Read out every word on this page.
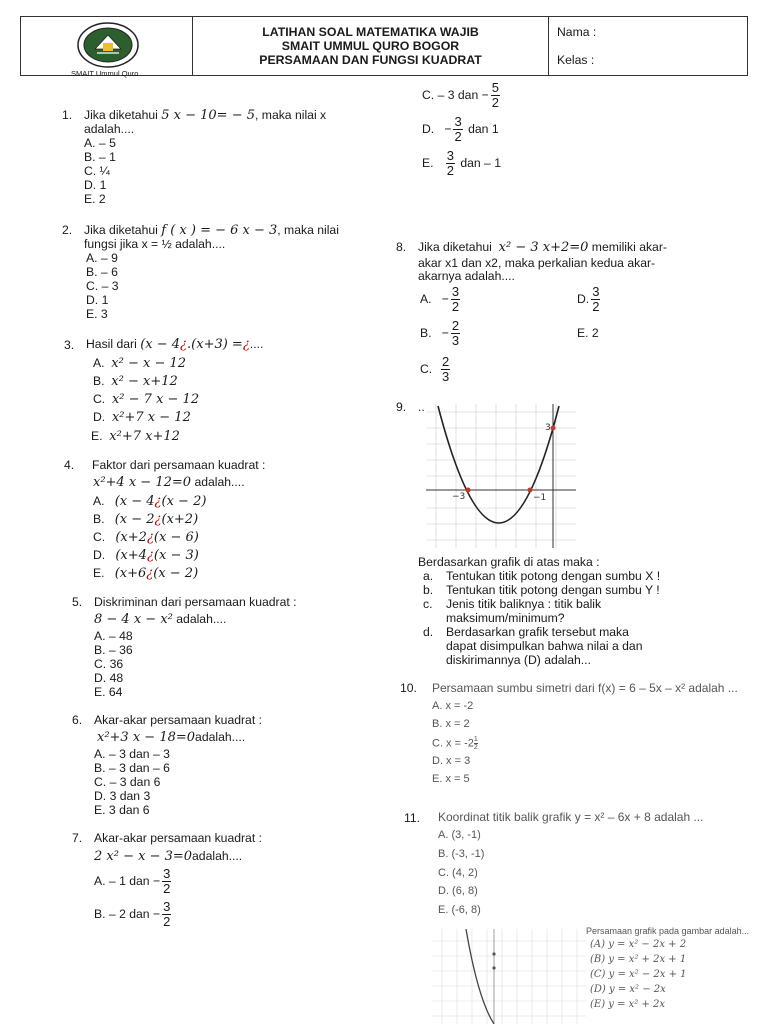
SMAIT Ummul Quro
LATIHAN SOAL MATEMATIKA WAJIB
SMAIT UMMUL QURO BOGOR
PERSAMAAN DAN FUNGSI KUADRAT
Nama :
Kelas :
1. Jika diketahui 5 x − 10= − 5, maka nilai x
adalah....
A. – 5
B. – 1
C. ¼
D. 1
E. 2
2. Jika diketahui f ( x ) = − 6 x − 3, maka nilai
fungsi jika x = ½ adalah....
A. – 9
B. – 6
C. – 3
D. 1
E. 3
3. Hasil dari (x − 4¿.(x+3) =¿....
A. x² − x − 12
B. x² − x+12
C. x² − 7 x − 12
D. x²+7 x − 12
E. x²+7 x+12
4. Faktor dari persamaan kuadrat :
x²+4 x − 12=0 adalah....
A. (x − 4¿(x − 2)
B. (x − 2¿(x+2)
C. (x+2¿(x − 6)
D. (x+4¿(x − 3)
E. (x+6¿(x − 2)
5. Diskriminan dari persamaan kuadrat :
8 − 4 x − x² adalah....
A. – 48
B. – 36
C. 36
D. 48
E. 64
6. Akar-akar persamaan kuadrat :
x²+3 x − 18=0adalah....
A. – 3 dan – 3
B. – 3 dan – 6
C. – 3 dan 6
D. 3 dan 3
E. 3 dan 6
7. Akar-akar persamaan kuadrat :
2 x² − x − 3=0adalah....
A. – 1 dan − $\frac{3}{2}$
B. – 2 dan − $\frac{3}{2}$
C. – 3 dan − $\frac{5}{2}$
D. − $\frac{3}{2}$ dan 1
E. $\frac{3}{2}$ dan – 1
8. Jika diketahui x² − 3 x+2=0 memiliki akar-
akar x1 dan x2, maka perkalian kedua akar-
akarnya adalah....
A. − $\frac{3}{2}$	D. $\frac{3}{2}$
B. − $\frac{2}{3}$	E. 2
C. $\frac{2}{3}$
9. ..
3
−3	−1
Berdasarkan grafik di atas maka :
a. Tentukan titik potong dengan sumbu X !
b. Tentukan titik potong dengan sumbu Y !
c. Jenis titik baliknya : titik balik
maksimum/minimum?
d. Berdasarkan grafik tersebut maka
dapat disimpulkan bahwa nilai a dan
diskirimannya (D) adalah...
10. Persamaan sumbu simetri dari f(x) = 6 – 5x – x² adalah ...
A. x = -2
B. x = 2
C. $x = -2 \frac{1}{2}$
D. x = 3
E. x = 5
11. Koordinat titik balik grafik y = x² – 6x + 8 adalah ...
A. (3, -1)
B. (-3, -1)
C. (4, 2)
D. (6, 8)
E. (-6, 8)
Persamaan grafik pada gambar adalah...
(A) y = x² − 2x + 2
(B) y = x² + 2x + 1
(C) y = x² − 2x + 1
(D) y = x² − 2x
(E) y = x² + 2x
